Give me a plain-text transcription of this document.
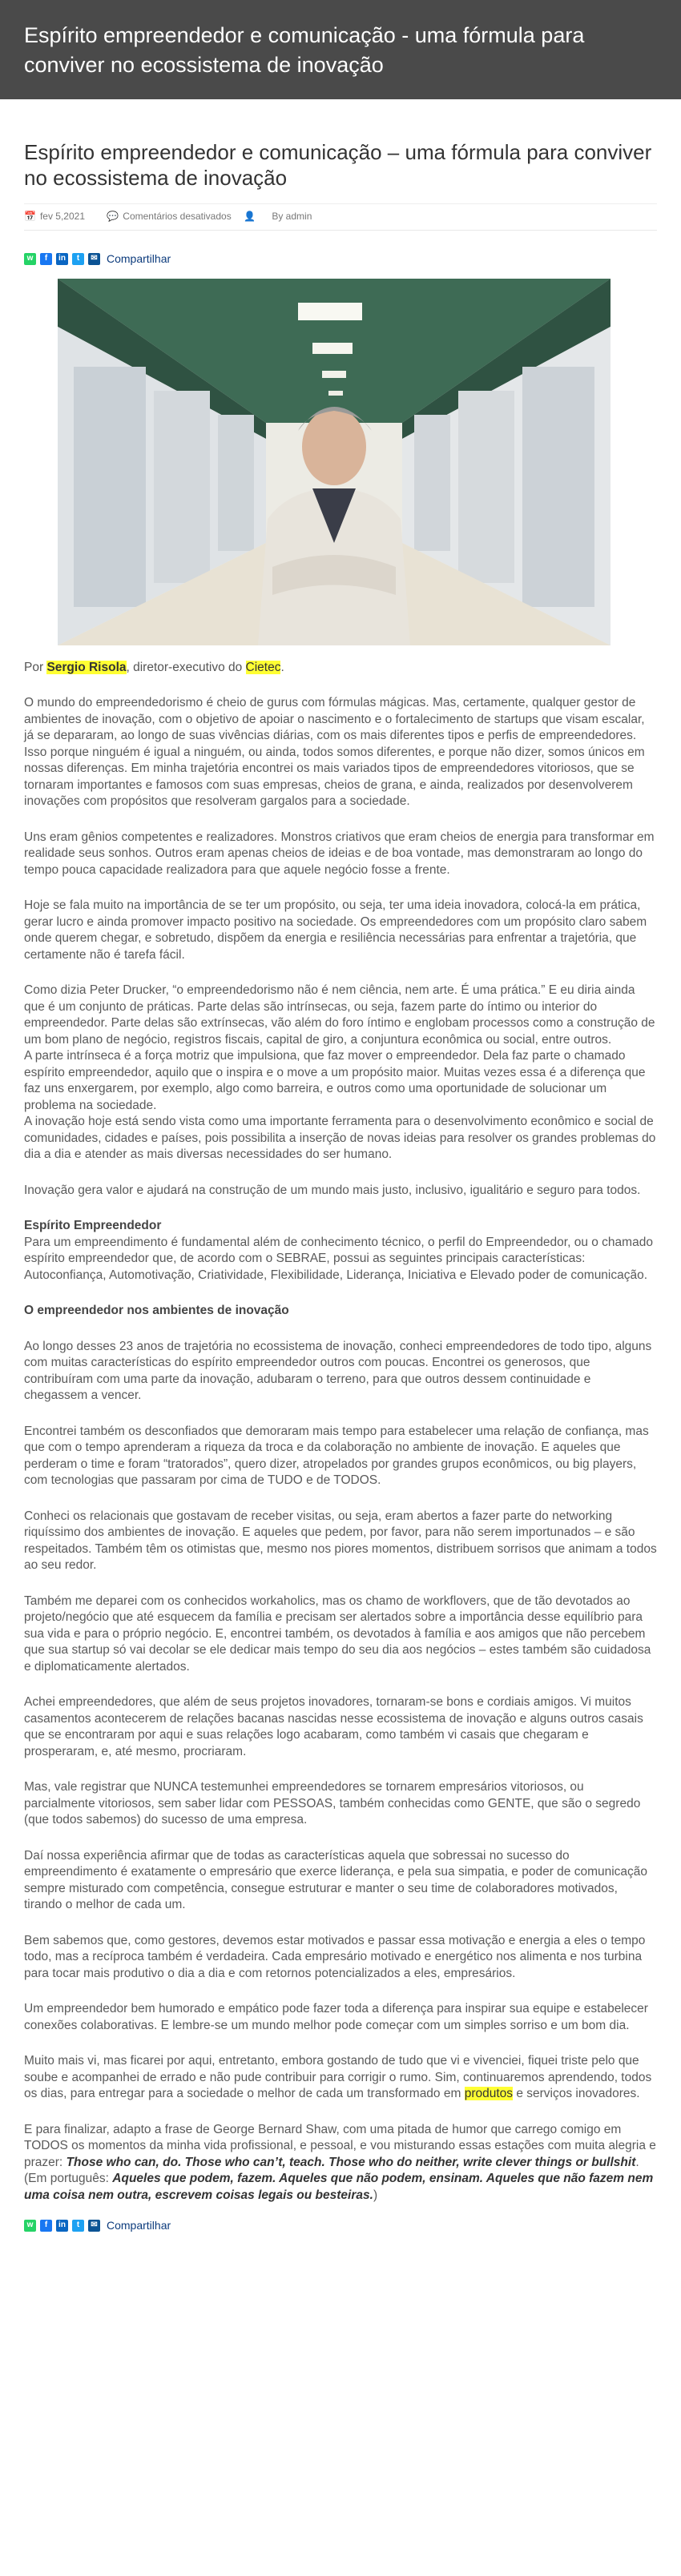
Espírito empreendedor e comunicação - uma fórmula para conviver no ecossistema de inovação
Espírito empreendedor e comunicação – uma fórmula para conviver no ecossistema de inovação
📅 fev 5,2021 💬 Comentários desativados 👤 By admin
w	f	in	t	✉ Compartilhar

Por Sergio Risola, diretor-executivo do Cietec.

O mundo do empreendedorismo é cheio de gurus com fórmulas mágicas. Mas, certamente, qualquer gestor de ambientes de inovação, com o objetivo de apoiar o nascimento e o fortalecimento de startups que visam escalar, já se depararam, ao longo de suas vivências diárias, com os mais diferentes tipos e perfis de empreendedores.

Isso porque ninguém é igual a ninguém, ou ainda, todos somos diferentes, e porque não dizer, somos únicos em nossas diferenças. Em minha trajetória encontrei os mais variados tipos de empreendedores vitoriosos, que se tornaram importantes e famosos com suas empresas, cheios de grana, e ainda, realizados por desenvolverem inovações com propósitos que resolveram gargalos para a sociedade.

Uns eram gênios competentes e realizadores. Monstros criativos que eram cheios de energia para transformar em realidade seus sonhos. Outros eram apenas cheios de ideias e de boa vontade, mas demonstraram ao longo do tempo pouca capacidade realizadora para que aquele negócio fosse a frente.

Hoje se fala muito na importância de se ter um propósito, ou seja, ter uma ideia inovadora, colocá-la em prática, gerar lucro e ainda promover impacto positivo na sociedade. Os empreendedores com um propósito claro sabem onde querem chegar, e sobretudo, dispõem da energia e resiliência necessárias para enfrentar a trajetória, que certamente não é tarefa fácil.

Como dizia Peter Drucker, “o empreendedorismo não é nem ciência, nem arte. É uma prática.” E eu diria ainda que é um conjunto de práticas. Parte delas são intrínsecas, ou seja, fazem parte do íntimo ou interior do empreendedor. Parte delas são extrínsecas, vão além do foro íntimo e englobam processos como a construção de um bom plano de negócio, registros fiscais, capital de giro, a conjuntura econômica ou social, entre outros.

A parte intrínseca é a força motriz que impulsiona, que faz mover o empreendedor. Dela faz parte o chamado espírito empreendedor, aquilo que o inspira e o move a um propósito maior. Muitas vezes essa é a diferença que faz uns enxergarem, por exemplo, algo como barreira, e outros como uma oportunidade de solucionar um problema na sociedade.

A inovação hoje está sendo vista como uma importante ferramenta para o desenvolvimento econômico e social de comunidades, cidades e países, pois possibilita a inserção de novas ideias para resolver os grandes problemas do dia a dia e atender as mais diversas necessidades do ser humano.

Inovação gera valor e ajudará na construção de um mundo mais justo, inclusivo, igualitário e seguro para todos.

Espírito Empreendedor

Para um empreendimento é fundamental além de conhecimento técnico, o perfil do Empreendedor, ou o chamado espírito empreendedor que, de acordo com o SEBRAE, possui as seguintes principais características: Autoconfiança, Automotivação, Criatividade, Flexibilidade, Liderança, Iniciativa e Elevado poder de comunicação.

O empreendedor nos ambientes de inovação

Ao longo desses 23 anos de trajetória no ecossistema de inovação, conheci empreendedores de todo tipo, alguns com muitas características do espírito empreendedor outros com poucas. Encontrei os generosos, que contribuíram com uma parte da inovação, adubaram o terreno, para que outros dessem continuidade e chegassem a vencer.

Encontrei também os desconfiados que demoraram mais tempo para estabelecer uma relação de confiança, mas que com o tempo aprenderam a riqueza da troca e da colaboração no ambiente de inovação. E aqueles que perderam o time e foram “tratorados”, quero dizer, atropelados por grandes grupos econômicos, ou big players, com tecnologias que passaram por cima de TUDO e de TODOS.

Conheci os relacionais que gostavam de receber visitas, ou seja, eram abertos a fazer parte do networking riquíssimo dos ambientes de inovação. E aqueles que pedem, por favor, para não serem importunados – e são respeitados. Também têm os otimistas que, mesmo nos piores momentos, distribuem sorrisos que animam a todos ao seu redor.

Também me deparei com os conhecidos workaholics, mas os chamo de workflovers, que de tão devotados ao projeto/negócio que até esquecem da família e precisam ser alertados sobre a importância desse equilíbrio para sua vida e para o próprio negócio. E, encontrei também, os devotados à família e aos amigos que não percebem que sua startup só vai decolar se ele dedicar mais tempo do seu dia aos negócios – estes também são cuidadosa e diplomaticamente alertados.

Achei empreendedores, que além de seus projetos inovadores, tornaram-se bons e cordiais amigos. Vi muitos casamentos acontecerem de relações bacanas nascidas nesse ecossistema de inovação e alguns outros casais que se encontraram por aqui e suas relações logo acabaram, como também vi casais que chegaram e prosperaram, e, até mesmo, procriaram.

Mas, vale registrar que NUNCA testemunhei empreendedores se tornarem empresários vitoriosos, ou parcialmente vitoriosos, sem saber lidar com PESSOAS, também conhecidas como GENTE, que são o segredo (que todos sabemos) do sucesso de uma empresa.

Daí nossa experiência afirmar que de todas as características aquela que sobressai no sucesso do empreendimento é exatamente o empresário que exerce liderança, e pela sua simpatia, e poder de comunicação sempre misturado com competência, consegue estruturar e manter o seu time de colaboradores motivados, tirando o melhor de cada um.

Bem sabemos que, como gestores, devemos estar motivados e passar essa motivação e energia a eles o tempo todo, mas a recíproca também é verdadeira. Cada empresário motivado e energético nos alimenta e nos turbina para tocar mais produtivo o dia a dia e com retornos potencializados a eles, empresários.

Um empreendedor bem humorado e empático pode fazer toda a diferença para inspirar sua equipe e estabelecer conexões colaborativas. E lembre-se um mundo melhor pode começar com um simples sorriso e um bom dia.

Muito mais vi, mas ficarei por aqui, entretanto, embora gostando de tudo que vi e vivenciei, fiquei triste pelo que soube e acompanhei de errado e não pude contribuir para corrigir o rumo. Sim, continuaremos aprendendo, todos os dias, para entregar para a sociedade o melhor de cada um transformado em produtos e serviços inovadores.

E para finalizar, adapto a frase de George Bernard Shaw, com uma pitada de humor que carrego comigo em TODOS os momentos da minha vida profissional, e pessoal, e vou misturando essas estações com muita alegria e prazer: Those who can, do. Those who can’t, teach. Those who do neither, write clever things or bullshit. (Em português: Aqueles que podem, fazem. Aqueles que não podem, ensinam. Aqueles que não fazem nem uma coisa nem outra, escrevem coisas legais ou besteiras.)

w	f	in	t	✉ Compartilhar
